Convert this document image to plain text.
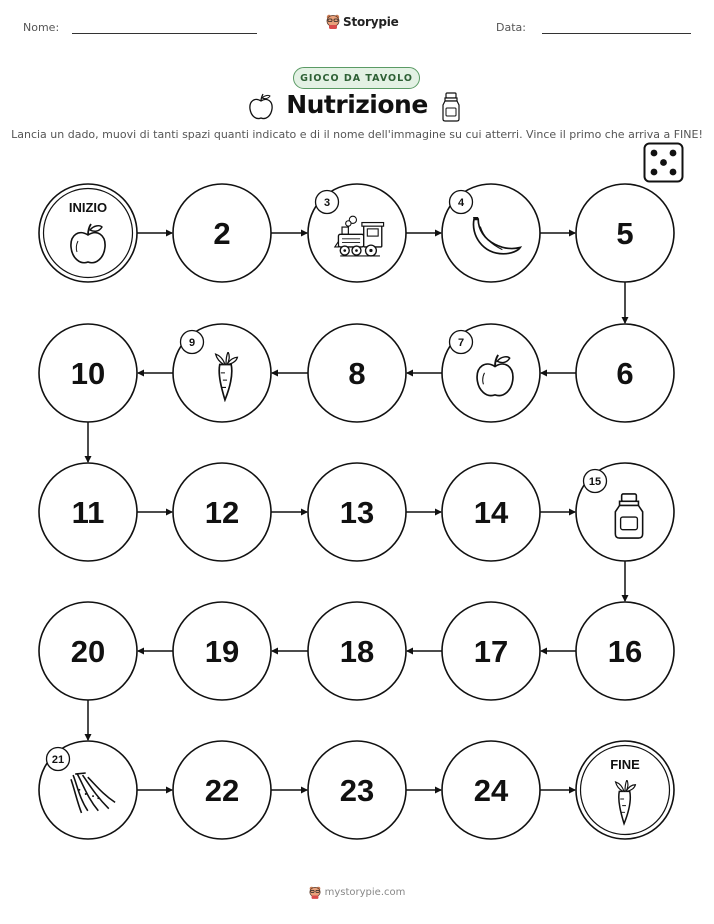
Nome:	Storypie	Data:
GIOCO DA TAVOLO
Nutrizione
Lancia un dado, muovi di tanti spazi quanti indicato e di il nome dell'immagine su cui atterri. Vince il primo che arriva a FINE!
INIZIO
2
3	4
5
6
7
8
9
10
11	12	13	14
15
16
17
18
19
20
21
22	23	24
FINE
mystorypie.com
